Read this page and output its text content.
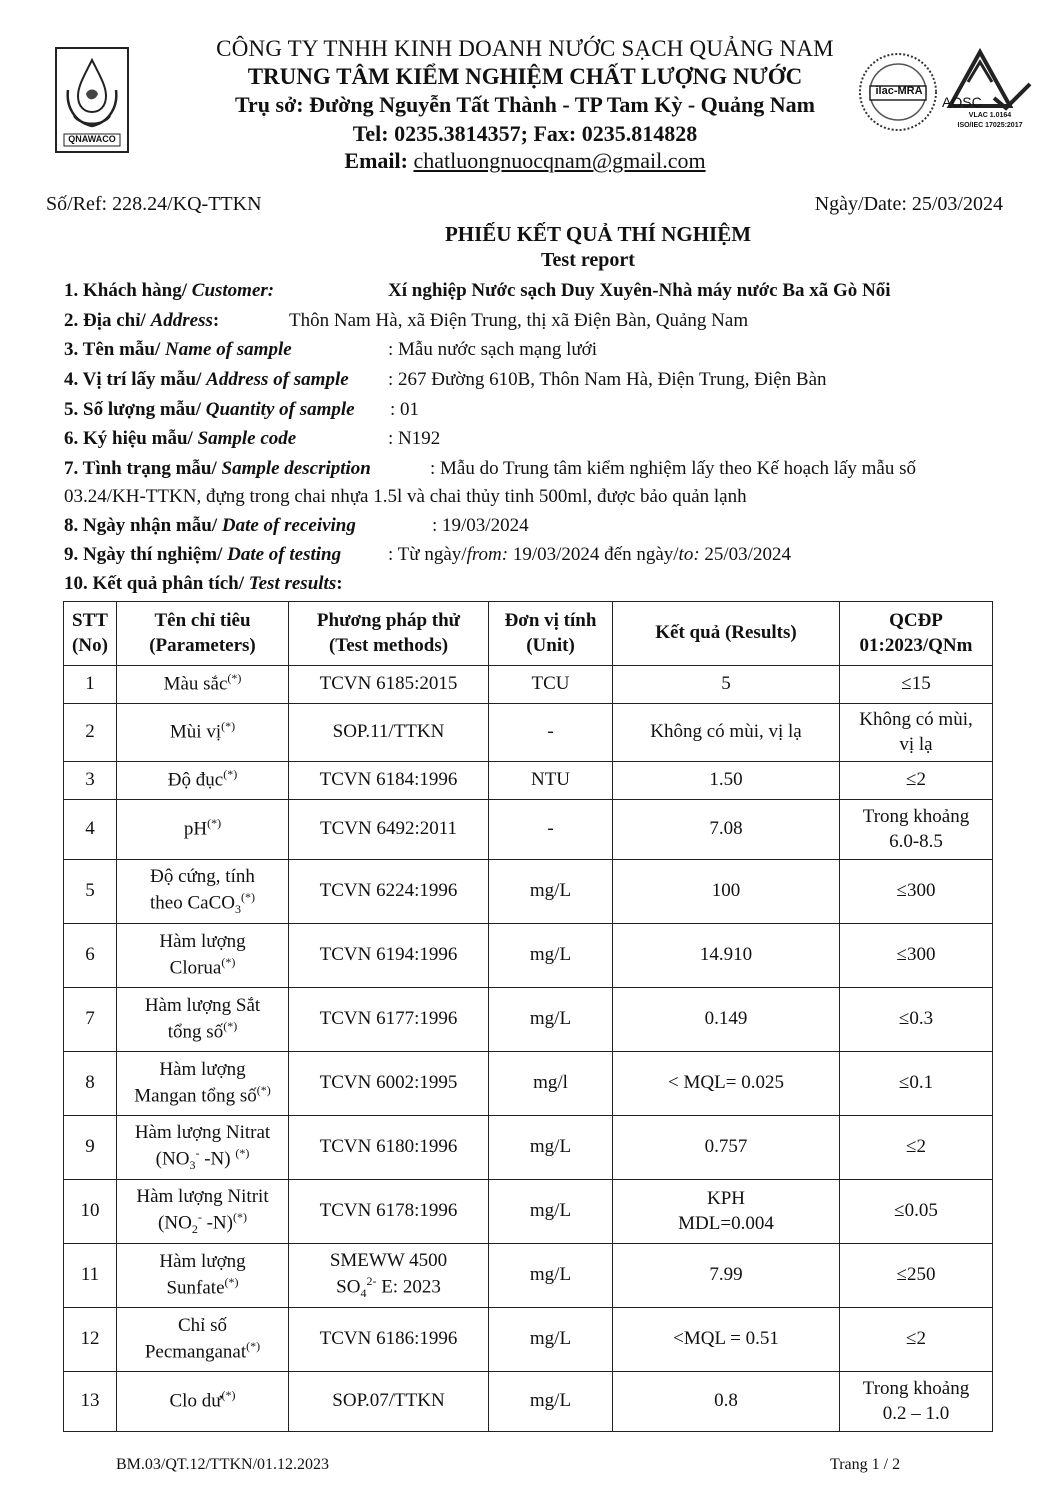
QNAWACO
ilac-MRA
AOSC
VLAC 1.0164
ISO/IEC 17025:2017
CÔNG TY TNHH KINH DOANH NƯỚC SẠCH QUẢNG NAM
TRUNG TÂM KIỂM NGHIỆM CHẤT LƯỢNG NƯỚC
Trụ sở: Đường Nguyễn Tất Thành - TP Tam Kỳ - Quảng Nam
Tel: 0235.3814357; Fax: 0235.814828
Email: chatluongnuocqnam@gmail.com
Số/Ref: 228.24/KQ-TTKN	Ngày/Date: 25/03/2024
PHIẾU KẾT QUẢ THÍ NGHIỆM
Test report
1. Khách hàng/ Customer:	Xí nghiệp Nước sạch Duy Xuyên-Nhà máy nước Ba xã Gò Nổi
2. Địa chỉ/ Address:	Thôn Nam Hà, xã Điện Trung, thị xã Điện Bàn, Quảng Nam
3. Tên mẫu/ Name of sample	: Mẫu nước sạch mạng lưới
4. Vị trí lấy mẫu/ Address of sample : 267 Đường 610B, Thôn Nam Hà, Điện Trung, Điện Bàn
5. Số lượng mẫu/ Quantity of sample : 01
6. Ký hiệu mẫu/ Sample code	: N192
7. Tình trạng mẫu/ Sample description	: Mẫu do Trung tâm kiểm nghiệm lấy theo Kế hoạch lấy mẫu số
03.24/KH-TTKN, đựng trong chai nhựa 1.5l và chai thủy tinh 500ml, được bảo quản lạnh
8. Ngày nhận mẫu/ Date of receiving	: 19/03/2024
9. Ngày thí nghiệm/ Date of testing : Từ ngày/from: 19/03/2024 đến ngày/to: 25/03/2024
10. Kết quả phân tích/ Test results:
STT
(No)	Tên chỉ tiêu
(Parameters)	Phương pháp thử
(Test methods)	Đơn vị tính
(Unit)	Kết quả (Results)	QCĐP
01:2023/QNm
1	Màu sắc(*)	TCVN 6185:2015	TCU	5	≤15
2	Mùi vị(*)	SOP.11/TTKN	-	Không có mùi, vị lạ	Không có mùi,
vị lạ
3	Độ đục(*)	TCVN 6184:1996	NTU	1.50	≤2
4	pH(*)	TCVN 6492:2011	-	7.08	Trong khoảng
6.0-8.5
5	Độ cứng, tính
theo CaCO$_3$(*)	TCVN 6224:1996	mg/L	100	≤300
6	Hàm lượng
Clorua(*)	TCVN 6194:1996	mg/L	14.910	≤300
7	Hàm lượng Sắt
tổng số(*)	TCVN 6177:1996	mg/L	0.149	≤0.3
8	Hàm lượng
Mangan tổng số(*)	TCVN 6002:1995	mg/l	< MQL= 0.025	≤0.1
9	Hàm lượng Nitrat
($NO_3^-$ -N) (*)	TCVN 6180:1996	mg/L	0.757	≤2
10	Hàm lượng Nitrit
($NO_2^-$ -N)(*)	TCVN 6178:1996	mg/L	KPH
MDL=0.004	≤0.05
11	Hàm lượng
Sunfate(*)	SMEWW 4500
$SO_4^{2-}$ E: 2023	mg/L	7.99	≤250
12	Chỉ số
Pecmanganat(*)	TCVN 6186:1996	mg/L	<MQL = 0.51	≤2
13	Clo dư(*)	SOP.07/TTKN	mg/L	0.8	Trong khoảng
0.2 – 1.0
BM.03/QT.12/TTKN/01.12.2023	Trang 1 / 2
